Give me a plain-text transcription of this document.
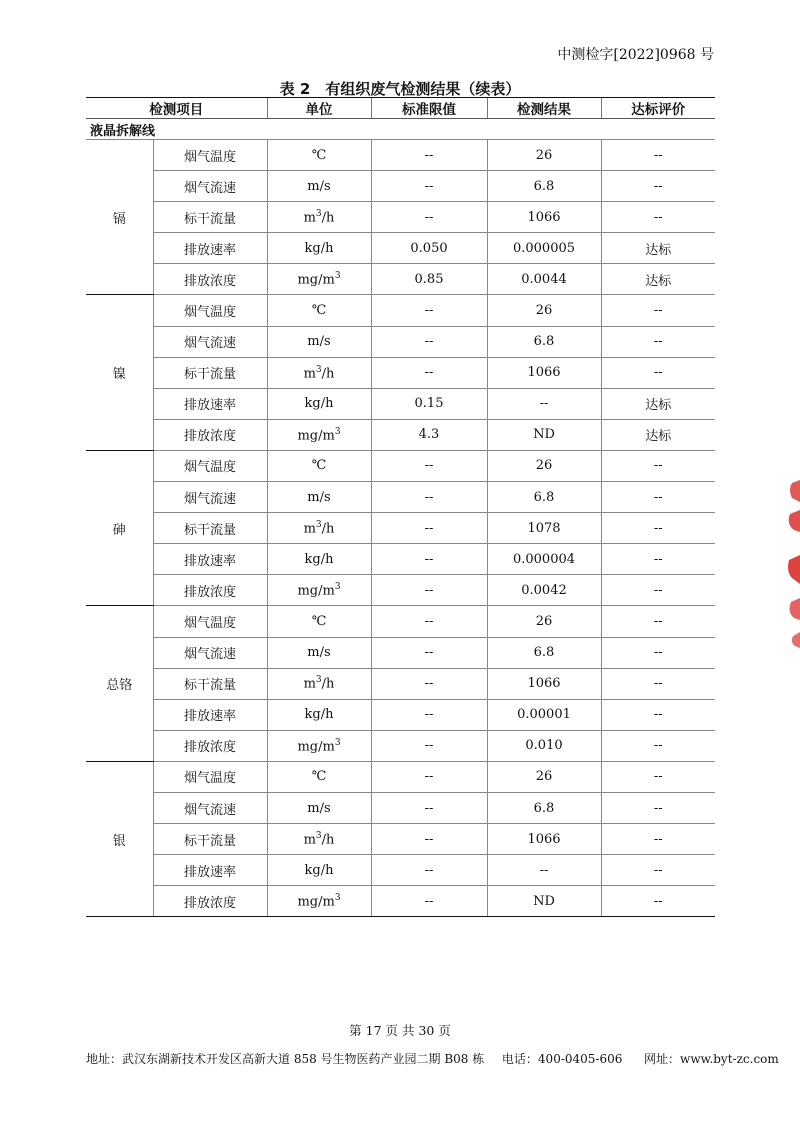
中测检字[2022]0968 号
表 2　有组织废气检测结果（续表）
检测项目		单位	标准限值	检测结果	达标评价
液晶拆解线					
镉	烟气温度	℃	--	26	--
	烟气流速	m/s	--	6.8	--
	标干流量	$m^3/h$	--	1066	--
	排放速率	kg/h	0.050	0.000005	达标
	排放浓度	$mg/m^3$	0.85	0.0044	达标
镍	烟气温度	℃	--	26	--
	烟气流速	m/s	--	6.8	--
	标干流量	$m^3/h$	--	1066	--
	排放速率	kg/h	0.15	--	达标
	排放浓度	$mg/m^3$	4.3	ND	达标
砷	烟气温度	℃	--	26	--
	烟气流速	m/s	--	6.8	--
	标干流量	$m^3/h$	--	1078	--
	排放速率	kg/h	--	0.000004	--
	排放浓度	$mg/m^3$	--	0.0042	--
总铬	烟气温度	℃	--	26	--
	烟气流速	m/s	--	6.8	--
	标干流量	$m^3/h$	--	1066	--
	排放速率	kg/h	--	0.00001	--
	排放浓度	$mg/m^3$	--	0.010	--
银	烟气温度	℃	--	26	--
	烟气流速	m/s	--	6.8	--
	标干流量	$m^3/h$	--	1066	--
	排放速率	kg/h	--	--	--
	排放浓度	$mg/m^3$	--	ND	--
第 17 页 共 30 页
地址：武汉东湖新技术开发区高新大道 858 号生物医药产业园二期 B08 栋 电话：400-0405-606 网址：www.byt-zc.com
